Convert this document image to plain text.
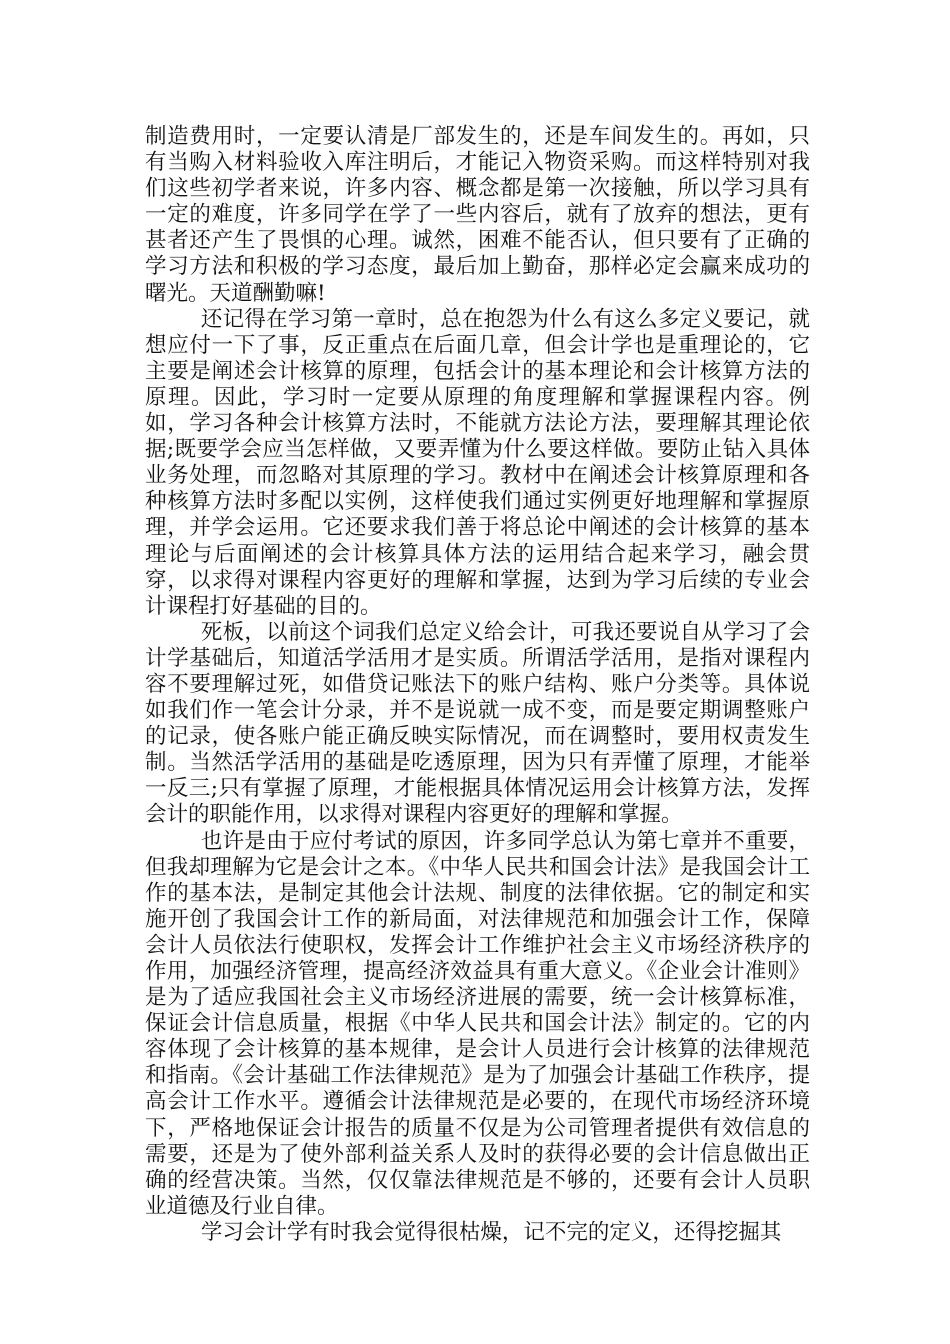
制造费用时，一定要认清是厂部发生的，还是车间发生的。再如，只有当购入材料验收入库注明后，才能记入物资采购。而这样特别对我们这些初学者来说，许多内容、概念都是第一次接触，所以学习具有一定的难度，许多同学在学了一些内容后，就有了放弃的想法，更有甚者还产生了畏惧的心理。诚然，困难不能否认，但只要有了正确的学习方法和积极的学习态度，最后加上勤奋，那样必定会赢来成功的曙光。天道酬勤嘛!

还记得在学习第一章时，总在抱怨为什么有这么多定义要记，就想应付一下了事，反正重点在后面几章，但会计学也是重理论的，它主要是阐述会计核算的原理，包括会计的基本理论和会计核算方法的原理。因此，学习时一定要从原理的角度理解和掌握课程内容。例如，学习各种会计核算方法时，不能就方法论方法，要理解其理论依据;既要学会应当怎样做，又要弄懂为什么要这样做。要防止钻入具体业务处理，而忽略对其原理的学习。教材中在阐述会计核算原理和各种核算方法时多配以实例，这样使我们通过实例更好地理解和掌握原理，并学会运用。它还要求我们善于将总论中阐述的会计核算的基本理论与后面阐述的会计核算具体方法的运用结合起来学习，融会贯穿，以求得对课程内容更好的理解和掌握，达到为学习后续的专业会计课程打好基础的目的。

死板，以前这个词我们总定义给会计，可我还要说自从学习了会计学基础后，知道活学活用才是实质。所谓活学活用，是指对课程内容不要理解过死，如借贷记账法下的账户结构、账户分类等。具体说如我们作一笔会计分录，并不是说就一成不变，而是要定期调整账户的记录，使各账户能正确反映实际情况，而在调整时，要用权责发生制。当然活学活用的基础是吃透原理，因为只有弄懂了原理，才能举一反三;只有掌握了原理，才能根据具体情况运用会计核算方法，发挥会计的职能作用，以求得对课程内容更好的理解和掌握。

也许是由于应付考试的原因，许多同学总认为第七章并不重要，但我却理解为它是会计之本。《中华人民共和国会计法》是我国会计工作的基本法，是制定其他会计法规、制度的法律依据。它的制定和实施开创了我国会计工作的新局面，对法律规范和加强会计工作，保障会计人员依法行使职权，发挥会计工作维护社会主义市场经济秩序的作用，加强经济管理，提高经济效益具有重大意义。《企业会计准则》是为了适应我国社会主义市场经济进展的需要，统一会计核算标准，保证会计信息质量，根据《中华人民共和国会计法》制定的。它的内容体现了会计核算的基本规律，是会计人员进行会计核算的法律规范和指南。《会计基础工作法律规范》是为了加强会计基础工作秩序，提高会计工作水平。遵循会计法律规范是必要的，在现代市场经济环境下，严格地保证会计报告的质量不仅是为公司管理者提供有效信息的需要，还是为了使外部利益关系人及时的获得必要的会计信息做出正确的经营决策。当然，仅仅靠法律规范是不够的，还要有会计人员职业道德及行业自律。

学习会计学有时我会觉得很枯燥，记不完的定义，还得挖掘其
